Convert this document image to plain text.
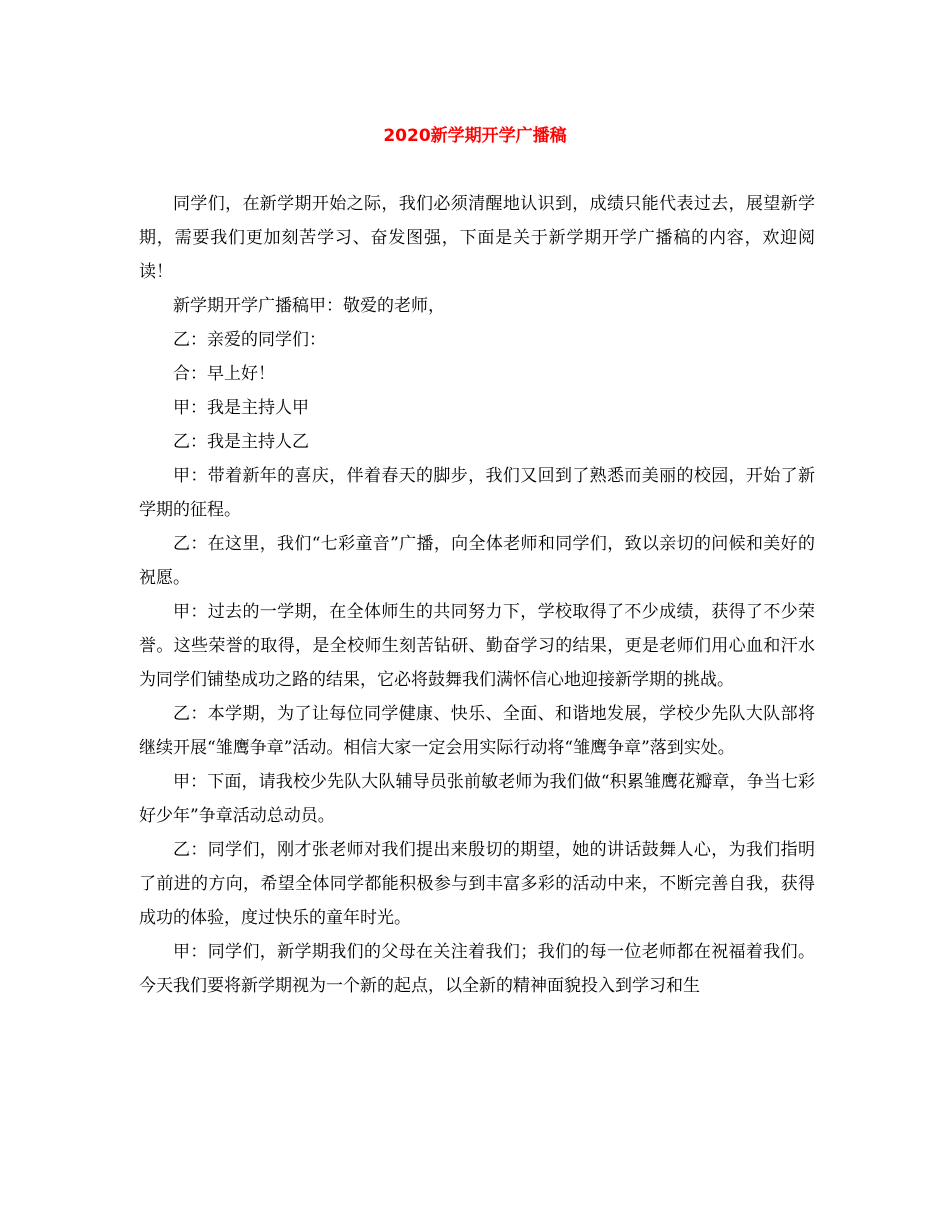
2020新学期开学广播稿

同学们，在新学期开始之际，我们必须清醒地认识到，成绩只能代表过去，展望新学期，需要我们更加刻苦学习、奋发图强，下面是关于新学期开学广播稿的内容，欢迎阅读！

新学期开学广播稿甲：敬爱的老师，

乙：亲爱的同学们：

合：早上好！

甲：我是主持人甲

乙：我是主持人乙

甲：带着新年的喜庆，伴着春天的脚步，我们又回到了熟悉而美丽的校园，开始了新学期的征程。

乙：在这里，我们“七彩童音”广播，向全体老师和同学们，致以亲切的问候和美好的祝愿。

甲：过去的一学期，在全体师生的共同努力下，学校取得了不少成绩，获得了不少荣誉。这些荣誉的取得，是全校师生刻苦钻研、勤奋学习的结果，更是老师们用心血和汗水为同学们铺垫成功之路的结果，它必将鼓舞我们满怀信心地迎接新学期的挑战。

乙：本学期，为了让每位同学健康、快乐、全面、和谐地发展，学校少先队大队部将继续开展“雏鹰争章”活动。相信大家一定会用实际行动将“雏鹰争章”落到实处。

甲：下面，请我校少先队大队辅导员张前敏老师为我们做“积累雏鹰花瓣章，争当七彩好少年”争章活动总动员。

乙：同学们，刚才张老师对我们提出来殷切的期望，她的讲话鼓舞人心，为我们指明了前进的方向，希望全体同学都能积极参与到丰富多彩的活动中来，不断完善自我，获得成功的体验，度过快乐的童年时光。

甲：同学们，新学期我们的父母在关注着我们；我们的每一位老师都在祝福着我们。今天我们要将新学期视为一个新的起点，以全新的精神面貌投入到学习和生
